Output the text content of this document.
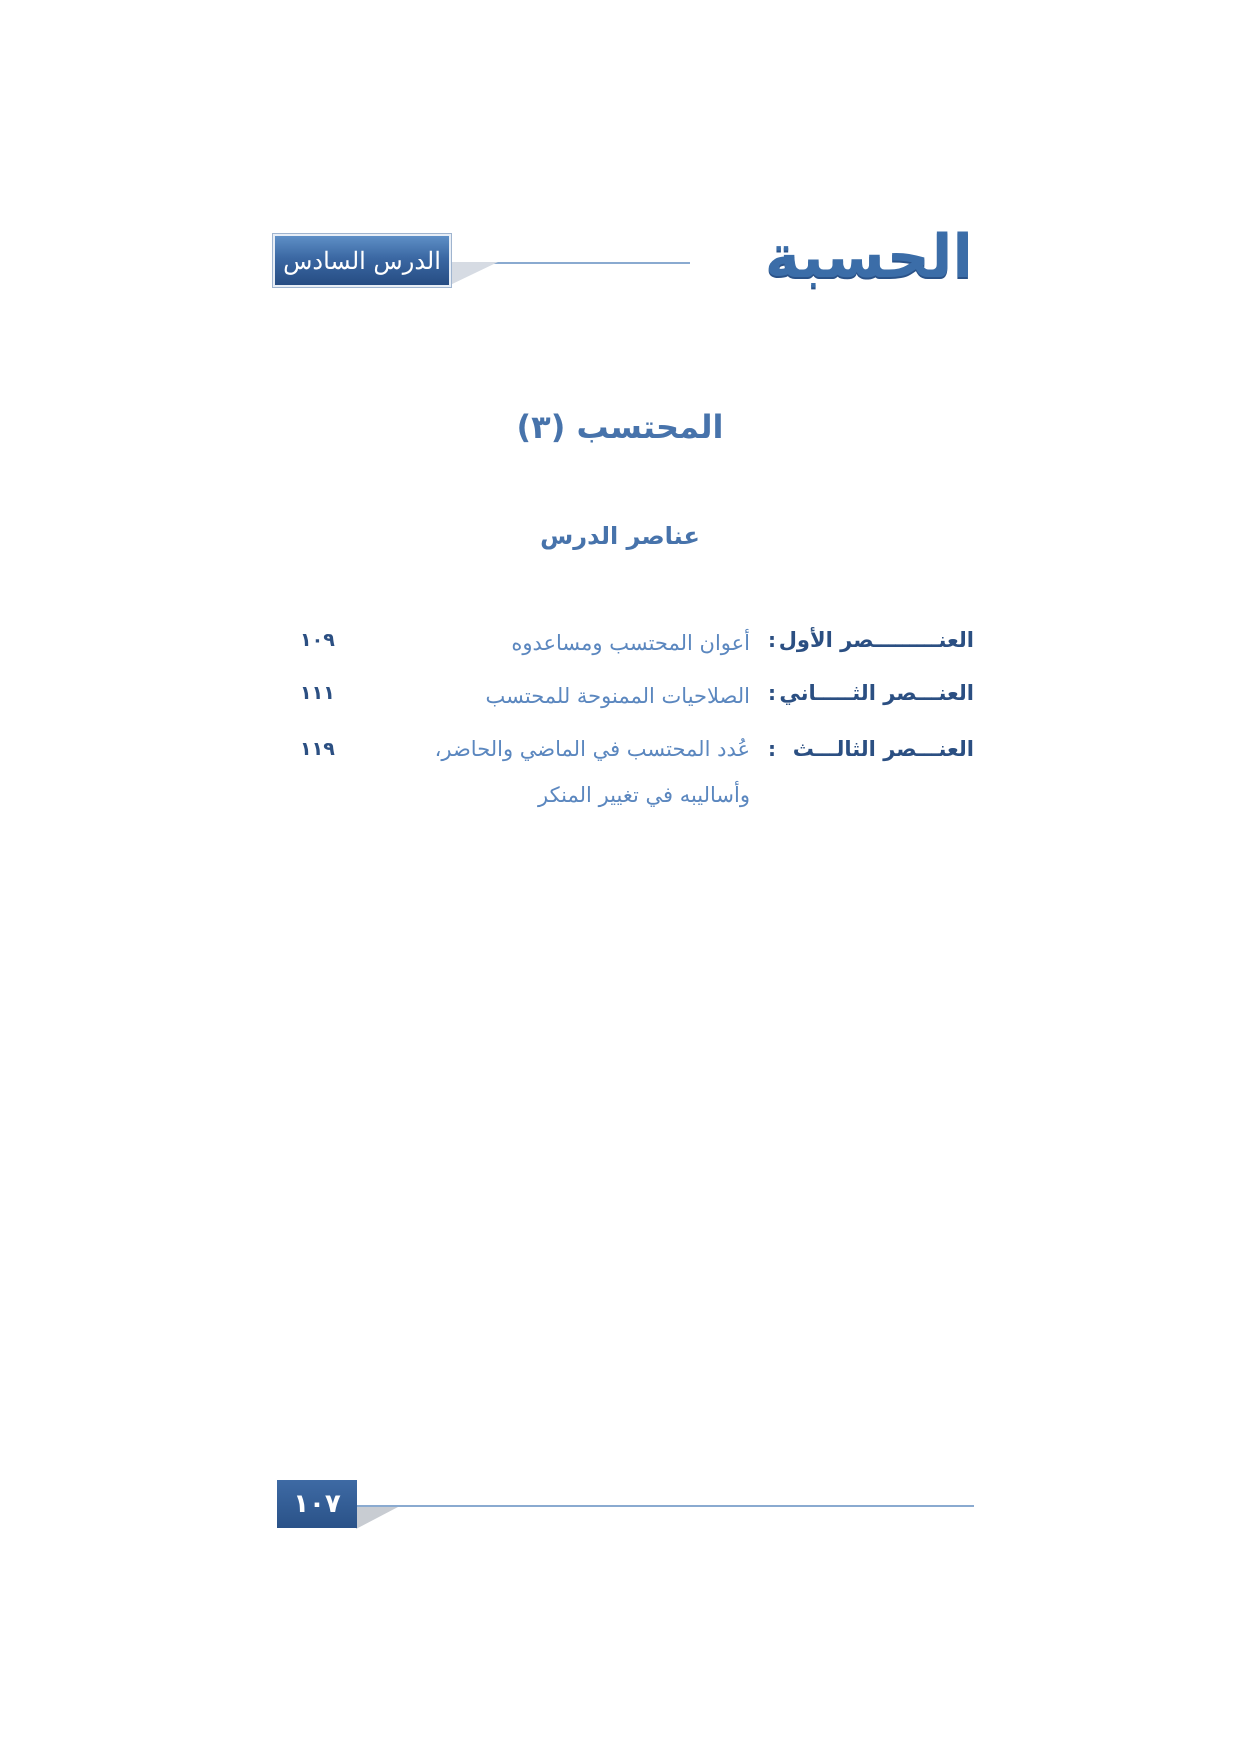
الحسبة
الدرس السادس
المحتسب (٣)
عناصر الدرس
العنـــــــــصر الأول
:
أعوان المحتسب ومساعدوه
١٠٩
العنـــصر الثـــــاني
:
الصلاحيات الممنوحة للمحتسب
١١١
العنـــصر الثالـــث
:
عُدد المحتسب في الماضي والحاضر، وأساليبه في تغيير المنكر
١١٩
١٠٧
